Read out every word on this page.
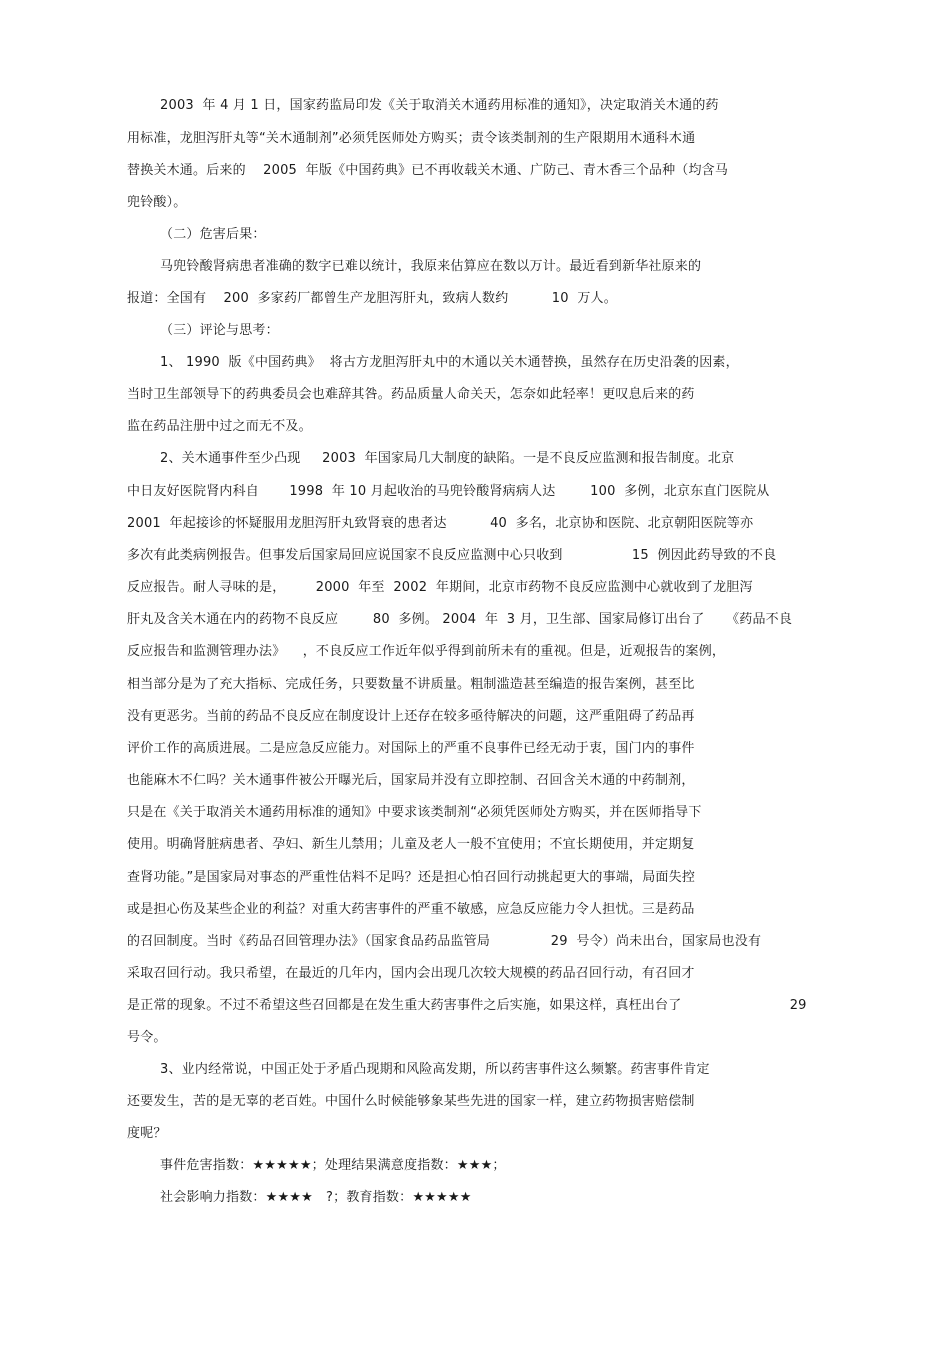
2003  年 4 月 1 日，国家药监局印发《关于取消关木通药用标准的通知》，决定取消关木通的药
用标准，龙胆泻肝丸等“关木通制剂”必须凭医师处方购买；责令该类制剂的生产限期用木通科木通
替换关木通。后来的    2005  年版《中国药典》已不再收载关木通、广防己、青木香三个品种（均含马
兜铃酸）。
（二）危害后果：
马兜铃酸肾病患者准确的数字已难以统计，我原来估算应在数以万计。最近看到新华社原来的
报道：全国有    200  多家药厂都曾生产龙胆泻肝丸，致病人数约          10  万人。
（三）评论与思考：
1、 1990  版《中国药典》  将古方龙胆泻肝丸中的木通以关木通替换，虽然存在历史沿袭的因素，
当时卫生部领导下的药典委员会也难辞其咎。药品质量人命关天，怎奈如此轻率！更叹息后来的药
监在药品注册中过之而无不及。
2、关木通事件至少凸现     2003  年国家局几大制度的缺陷。一是不良反应监测和报告制度。北京
中日友好医院肾内科自       1998  年 10 月起收治的马兜铃酸肾病病人达        100  多例，北京东直门医院从
2001  年起接诊的怀疑服用龙胆泻肝丸致肾衰的患者达          40  多名，北京协和医院、北京朝阳医院等亦
多次有此类病例报告。但事发后国家局回应说国家不良反应监测中心只收到                15  例因此药导致的不良
反应报告。耐人寻味的是，       2000  年至  2002  年期间，北京市药物不良反应监测中心就收到了龙胆泻
肝丸及含关木通在内的药物不良反应        80  多例。 2004  年  3 月，卫生部、国家局修订出台了     《药品不良
反应报告和监测管理办法》    ，不良反应工作近年似乎得到前所未有的重视。但是，近观报告的案例，
相当部分是为了充大指标、完成任务，只要数量不讲质量。粗制滥造甚至编造的报告案例，甚至比
没有更恶劣。当前的药品不良反应在制度设计上还存在较多亟待解决的问题，这严重阻碍了药品再
评价工作的高质进展。二是应急反应能力。对国际上的严重不良事件已经无动于衷，国门内的事件
也能麻木不仁吗？关木通事件被公开曝光后，国家局并没有立即控制、召回含关木通的中药制剂，
只是在《关于取消关木通药用标准的通知》中要求该类制剂“必须凭医师处方购买，并在医师指导下
使用。明确肾脏病患者、孕妇、新生儿禁用；儿童及老人一般不宜使用；不宜长期使用，并定期复
查肾功能。”是国家局对事态的严重性估料不足吗？还是担心怕召回行动挑起更大的事端，局面失控
或是担心伤及某些企业的利益？对重大药害事件的严重不敏感，应急反应能力令人担忧。三是药品
的召回制度。当时《药品召回管理办法》（国家食品药品监管局              29  号令）尚未出台，国家局也没有
采取召回行动。我只希望，在最近的几年内，国内会出现几次较大规模的药品召回行动，有召回才
是正常的现象。不过不希望这些召回都是在发生重大药害事件之后实施，如果这样，真枉出台了                         29
号令。
3、业内经常说，中国正处于矛盾凸现期和风险高发期，所以药害事件这么频繁。药害事件肯定
还要发生，苦的是无辜的老百姓。中国什么时候能够象某些先进的国家一样，建立药物损害赔偿制
度呢？
事件危害指数：★★★★★；处理结果满意度指数：★★★；
社会影响力指数：★★★★   ?；教育指数：★★★★★
